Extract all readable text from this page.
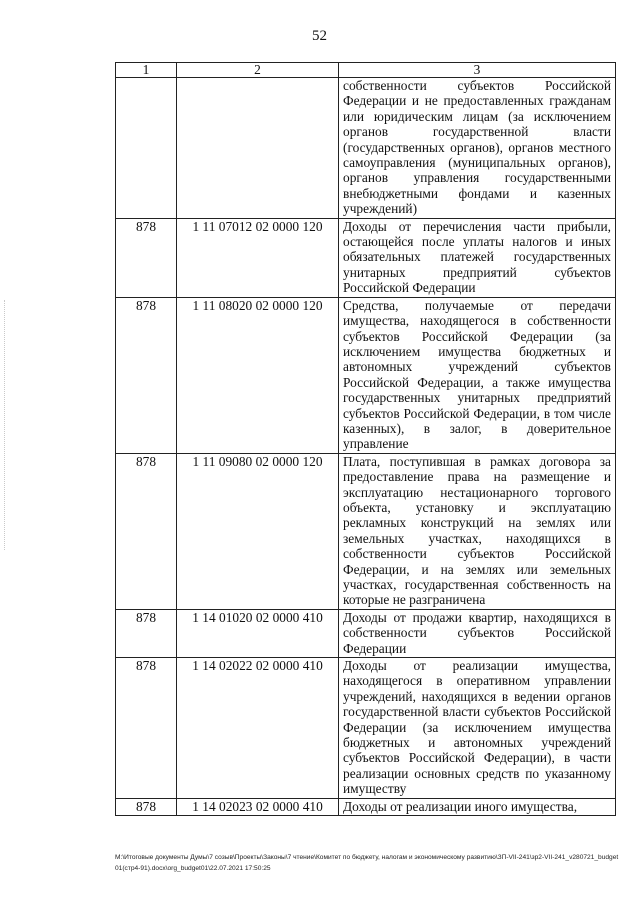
52
1	2	3
		собственности субъектов Российской Федерации и не предоставленных гражданам или юридическим лицам (за исключением органов государственной власти (государственных органов), органов местного самоуправления (муниципальных органов), органов управления государственными внебюджетными фондами и казенных учреждений)
878	1 11 07012 02 0000 120	Доходы от перечисления части прибыли, остающейся после уплаты налогов и иных обязательных платежей государственных унитарных предприятий субъектов Российской Федерации
878	1 11 08020 02 0000 120	Средства, получаемые от передачи имущества, находящегося в собственности субъектов Российской Федерации (за исключением имущества бюджетных и автономных учреждений субъектов Российской Федерации, а также имущества государственных унитарных предприятий субъектов Российской Федерации, в том числе казенных), в залог, в доверительное управление
878	1 11 09080 02 0000 120	Плата, поступившая в рамках договора за предоставление права на размещение и эксплуатацию нестационарного торгового объекта, установку и эксплуатацию рекламных конструкций на землях или земельных участках, находящихся в собственности субъектов Российской Федерации, и на землях или земельных участках, государственная собственность на которые не разграничена
878	1 14 01020 02 0000 410	Доходы от продажи квартир, находящихся в собственности субъектов Российской Федерации
878	1 14 02022 02 0000 410	Доходы от реализации имущества, находящегося в оперативном управлении учреждений, находящихся в ведении органов государственной власти субъектов Российской Федерации (за исключением имущества бюджетных и автономных учреждений субъектов Российской Федерации), в части реализации основных средств по указанному имуществу
878	1 14 02023 02 0000 410	Доходы от реализации иного имущества,
М:\Итоговые документы Думы\7 созыв\Проекты\Законы\7 чтение\Комитет по бюджету, налогам и экономическому развитию\ЗП-VII-241\зр2-VII-241_v280721_budget01(стр4-91).docx\org_budget01\22.07.2021 17:50:25
